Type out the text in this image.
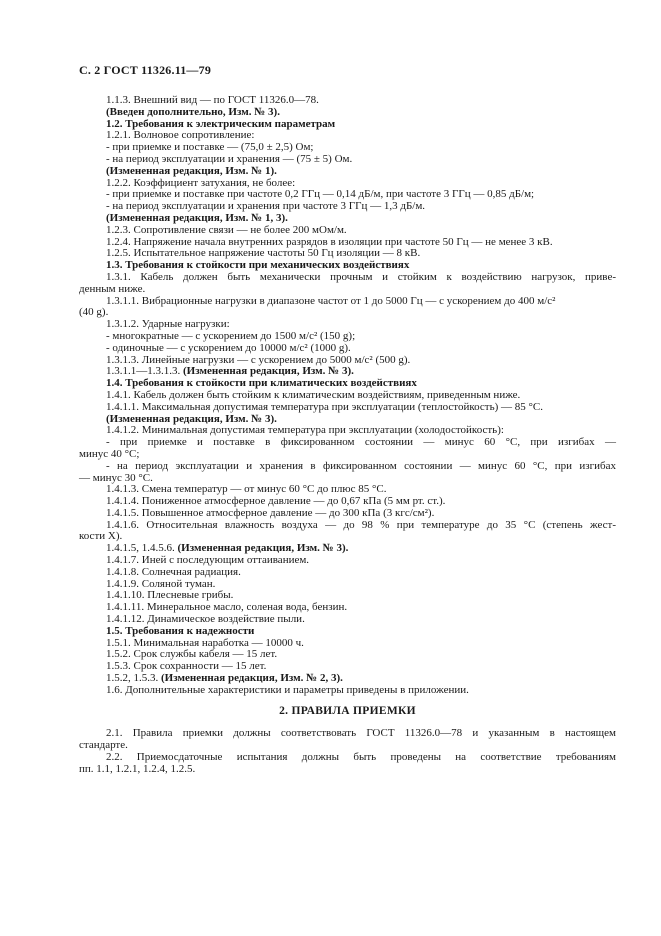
С. 2 ГОСТ 11326.11—79
1.1.3. Внешний вид — по ГОСТ 11326.0—78.
(Введен дополнительно, Изм. № 3).
1.2. Требования к электрическим параметрам
1.2.1. Волновое сопротивление:
- при приемке и поставке — (75,0 ± 2,5) Ом;
- на период эксплуатации и хранения — (75 ± 5) Ом.
(Измененная редакция, Изм. № 1).
1.2.2. Коэффициент затухания, не более:
- при приемке и поставке при частоте 0,2 ГГц — 0,14 дБ/м, при частоте 3 ГГц — 0,85 дБ/м;
- на период эксплуатации и хранения при частоте 3 ГГц — 1,3 дБ/м.
(Измененная редакция, Изм. № 1, 3).
1.2.3. Сопротивление связи — не более 200 мОм/м.
1.2.4. Напряжение начала внутренних разрядов в изоляции при частоте 50 Гц — не менее 3 кВ.
1.2.5. Испытательное напряжение частоты 50 Гц изоляции — 8 кВ.
1.3. Требования к стойкости при механических воздействиях
1.3.1. Кабель должен быть механически прочным и стойким к воздействию нагрузок, приве-
денным ниже.
1.3.1.1. Вибрационные нагрузки в диапазоне частот от 1 до 5000 Гц — с ускорением до 400 м/с²
(40 g).
1.3.1.2. Ударные нагрузки:
- многократные — с ускорением до 1500 м/с² (150 g);
- одиночные — с ускорением до 10000 м/с² (1000 g).
1.3.1.3. Линейные нагрузки — с ускорением до 5000 м/с² (500 g).
1.3.1.1—1.3.1.3. (Измененная редакция, Изм. № 3).
1.4. Требования к стойкости при климатических воздействиях
1.4.1. Кабель должен быть стойким к климатическим воздействиям, приведенным ниже.
1.4.1.1. Максимальная допустимая температура при эксплуатации (теплостойкость) — 85 °С.
(Измененная редакция, Изм. № 3).
1.4.1.2. Минимальная допустимая температура при эксплуатации (холодостойкость):
- при приемке и поставке в фиксированном состоянии — минус 60 °С, при изгибах —
минус 40 °С;
- на период эксплуатации и хранения в фиксированном состоянии — минус 60 °С, при изгибах
— минус 30 °С.
1.4.1.3. Смена температур — от минус 60 °С до плюс 85 °С.
1.4.1.4. Пониженное атмосферное давление — до 0,67 кПа (5 мм рт. ст.).
1.4.1.5. Повышенное атмосферное давление — до 300 кПа (3 кгс/см²).
1.4.1.6. Относительная влажность воздуха — до 98 % при температуре до 35 °С (степень жест-
кости X).
1.4.1.5, 1.4.5.6. (Измененная редакция, Изм. № 3).
1.4.1.7. Иней с последующим оттаиванием.
1.4.1.8. Солнечная радиация.
1.4.1.9. Соляной туман.
1.4.1.10. Плесневые грибы.
1.4.1.11. Минеральное масло, соленая вода, бензин.
1.4.1.12. Динамическое воздействие пыли.
1.5. Требования к надежности
1.5.1. Минимальная наработка — 10000 ч.
1.5.2. Срок службы кабеля — 15 лет.
1.5.3. Срок сохранности — 15 лет.
1.5.2, 1.5.3. (Измененная редакция, Изм. № 2, 3).
1.6. Дополнительные характеристики и параметры приведены в приложении.
2. ПРАВИЛА ПРИЕМКИ
2.1. Правила приемки должны соответствовать ГОСТ 11326.0—78 и указанным в настоящем
стандарте.
2.2. Приемосдаточные испытания должны быть проведены на соответствие требованиям
пп. 1.1, 1.2.1, 1.2.4, 1.2.5.
